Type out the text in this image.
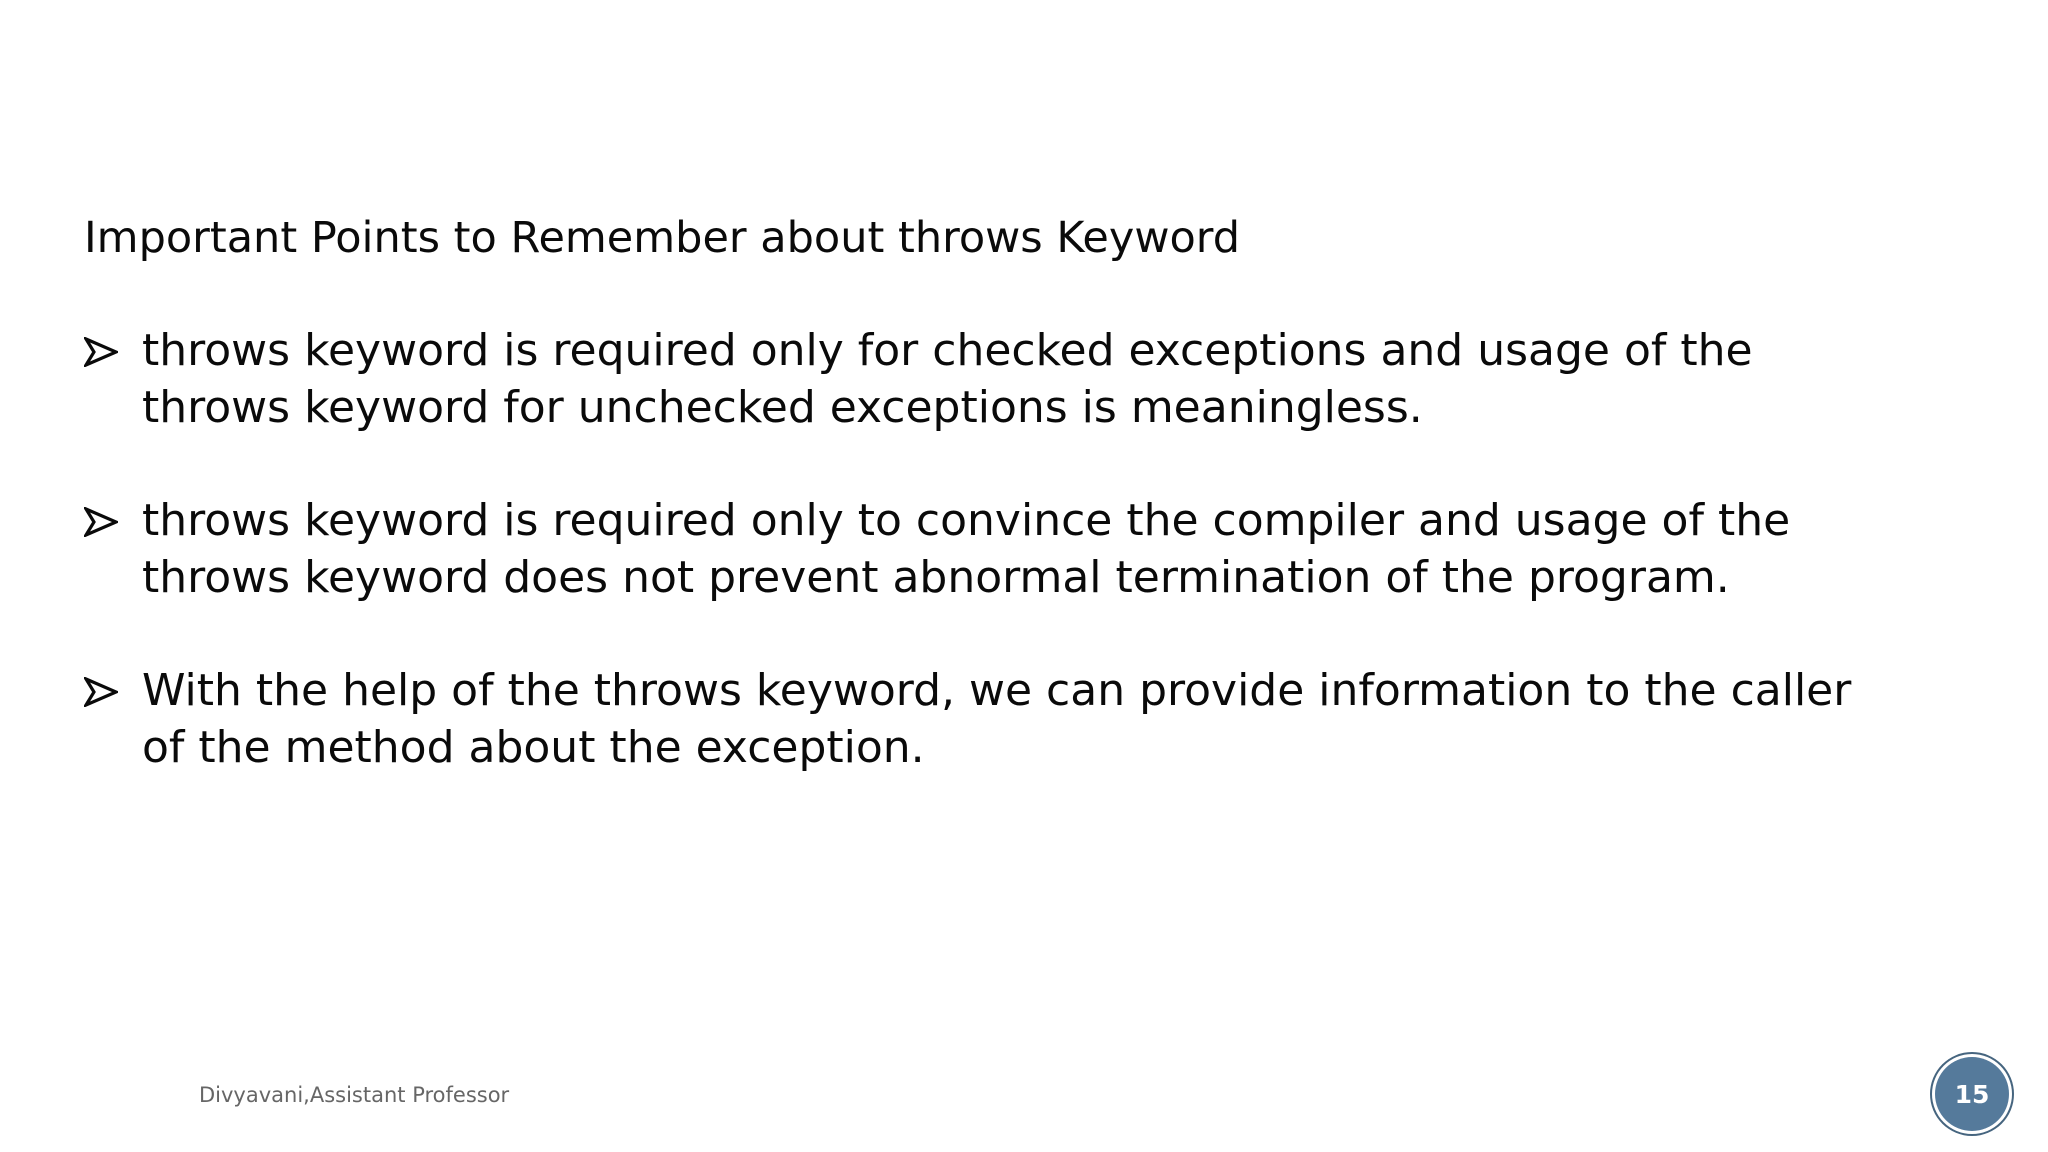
Important Points to Remember about throws Keyword
throws keyword is required only for checked exceptions and usage of the
throws keyword for unchecked exceptions is meaningless.
throws keyword is required only to convince the compiler and usage of the
throws keyword does not prevent abnormal termination of the program.
With the help of the throws keyword, we can provide information to the caller
of the method about the exception.
Divyavani,Assistant Professor	15
